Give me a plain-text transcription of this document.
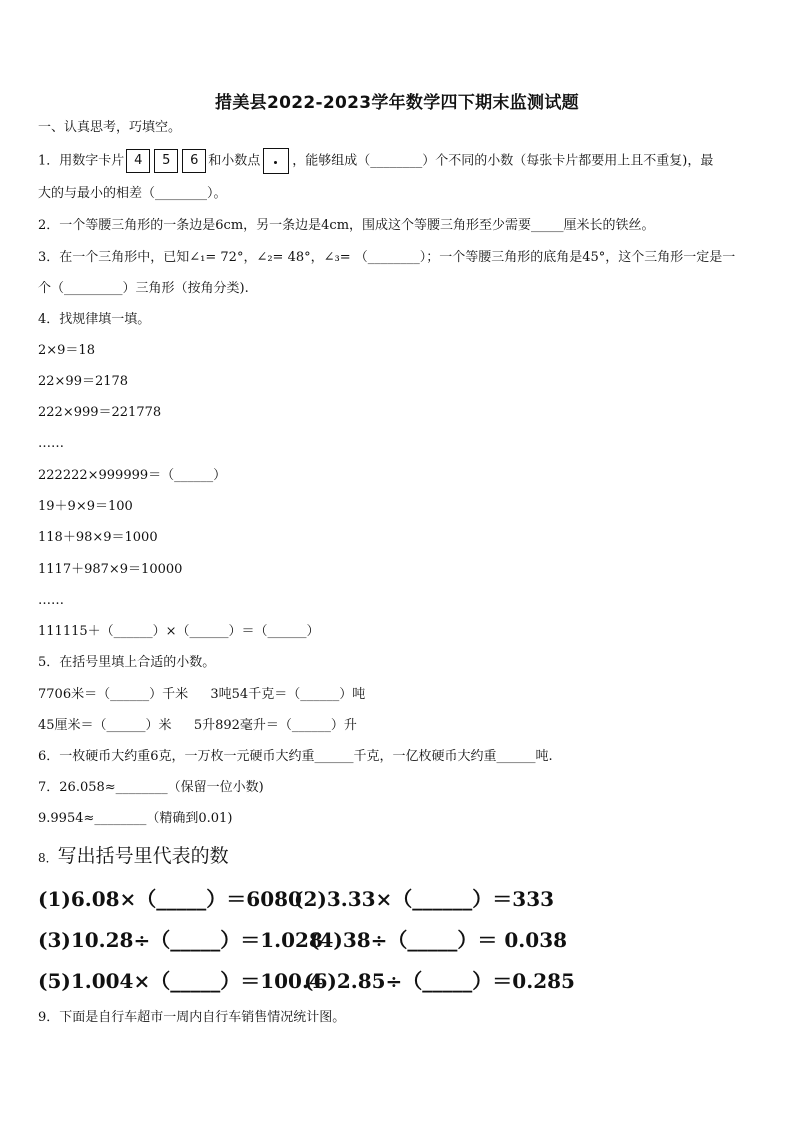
措美县2022-2023学年数学四下期末监测试题
一、认真思考，巧填空。
1．用数字卡片 4 5 6 和小数点 ，能够组成（________）个不同的小数（每张卡片都要用上且不重复)，最
大的与最小的相差（________）。
2．一个等腰三角形的一条边是6cm，另一条边是4cm，围成这个等腰三角形至少需要_____厘米长的铁丝。
3．在一个三角形中，已知∠₁= 72°，∠₂= 48°，∠₃= （________）；一个等腰三角形的底角是45°，这个三角形一定是一
个（_________）三角形（按角分类).
4．找规律填一填。
2×9＝18
22×99＝2178
222×999＝221778
……
222222×999999＝（______）
19＋9×9＝100
118＋98×9＝1000
1117＋987×9＝10000
……
111115＋（______）×（______）＝（______）
5．在括号里填上合适的小数。
7706米＝（______）千米 3吨54千克＝（______）吨
45厘米＝（______）米 5升892毫升＝（______）升
6．一枚硬币大约重6克，一万枚一元硬币大约重______千克，一亿枚硬币大约重______吨.
7．26.058≈________（保留一位小数)
9.9954≈________（精确到0.01)
8．写出括号里代表的数
(1)6.08×（_____）＝6080(2)3.33×（______）＝333
(3)10.28÷（_____）＝1.028(4)38÷（_____）＝ 0.038
(5)1.004×（_____）＝100.4(6)2.85÷（_____）＝0.285
9．下面是自行车超市一周内自行车销售情况统计图。
